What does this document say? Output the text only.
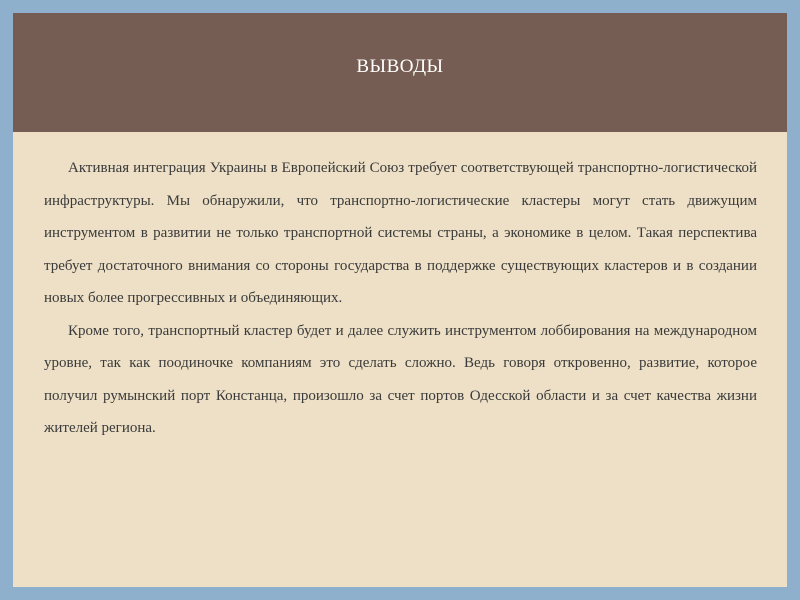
ВЫВОДЫ

Активная интеграция Украины в Европейский Союз требует соответствующей транспортно-логистической инфраструктуры. Мы обнаружили, что транспортно-логистические кластеры могут стать движущим инструментом в развитии не только транспортной системы страны, а экономике в целом. Такая перспектива требует достаточного внимания со стороны государства в поддержке существующих кластеров и в создании новых более прогрессивных и объединяющих.

Кроме того, транспортный кластер будет и далее служить инструментом лоббирования на международном уровне, так как поодиночке компаниям это сделать сложно. Ведь говоря откровенно, развитие, которое получил румынский порт Констанца, произошло за счет портов Одесской области и за счет качества жизни жителей региона.
